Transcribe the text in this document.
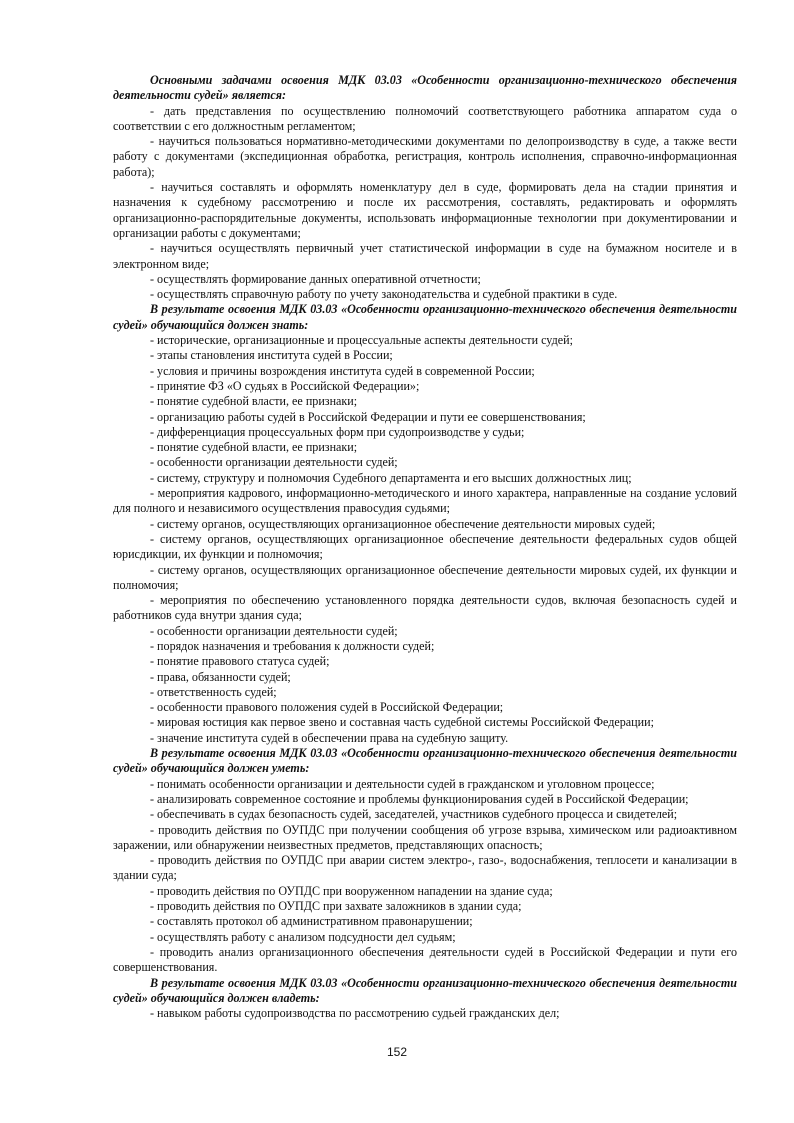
Основными задачами освоения МДК 03.03 «Особенности организационно-технического обеспечения деятельности судей» является:

- дать представления по осуществлению полномочий соответствующего работника аппаратом суда о соответствии с его должностным регламентом;

- научиться пользоваться нормативно-методическими документами по делопроизводству в суде, а также вести работу с документами (экспедиционная обработка, регистрация, контроль исполнения, справочно-информационная работа);

- научиться составлять и оформлять номенклатуру дел в суде, формировать дела на стадии принятия и назначения к судебному рассмотрению и после их рассмотрения, составлять, редактировать и оформлять организационно-распорядительные документы, использовать информационные технологии при документировании и организации работы с документами;

- научиться осуществлять первичный учет статистической информации в суде на бумажном носителе и в электронном виде;

- осуществлять формирование данных оперативной отчетности;

- осуществлять справочную работу по учету законодательства и судебной практики в суде.

В результате освоения МДК 03.03 «Особенности организационно-технического обеспечения деятельности судей» обучающийся должен знать:

- исторические, организационные и процессуальные аспекты деятельности судей;

- этапы становления института судей в России;

- условия и причины возрождения института судей в современной России;

- принятие ФЗ «О судьях в Российской Федерации»;

- понятие судебной власти, ее признаки;

- организацию работы судей в Российской Федерации и пути ее совершенствования;

- дифференциация процессуальных форм при судопроизводстве у судьи;

- понятие судебной власти, ее признаки;

- особенности организации деятельности судей;

- систему, структуру и полномочия Судебного департамента и его высших должностных лиц;

- мероприятия кадрового, информационно-методического и иного характера, направленные на создание условий для полного и независимого осуществления правосудия судьями;

- систему органов, осуществляющих организационное обеспечение деятельности мировых судей;

- систему органов, осуществляющих организационное обеспечение деятельности федеральных судов общей юрисдикции, их функции и полномочия;

- систему органов, осуществляющих организационное обеспечение деятельности мировых судей, их функции и полномочия;

- мероприятия по обеспечению установленного порядка деятельности судов, включая безопасность судей и работников суда внутри здания суда;

- особенности организации деятельности судей;

- порядок назначения и требования к должности судей;

- понятие правового статуса судей;

- права, обязанности судей;

- ответственность судей;

- особенности правового положения судей в Российской Федерации;

- мировая юстиция как первое звено и составная часть судебной системы Российской Федерации;

- значение института судей в обеспечении права на судебную защиту.

В результате освоения МДК 03.03 «Особенности организационно-технического обеспечения деятельности судей» обучающийся должен уметь:

- понимать особенности организации и деятельности судей в гражданском и уголовном процессе;

- анализировать современное состояние и проблемы функционирования судей в Российской Федерации;

- обеспечивать в судах безопасность судей, заседателей, участников судебного процесса и свидетелей;

- проводить действия по ОУПДС при получении сообщения об угрозе взрыва, химическом или радиоактивном заражении, или обнаружении неизвестных предметов, представляющих опасность;

- проводить действия по ОУПДС при аварии систем электро-, газо-, водоснабжения, теплосети и канализации в здании суда;

- проводить действия по ОУПДС при вооруженном нападении на здание суда;

- проводить действия по ОУПДС при захвате заложников в здании суда;

- составлять протокол об административном правонарушении;

- осуществлять работу с анализом подсудности дел судьям;

- проводить анализ организационного обеспечения деятельности судей в Российской Федерации и пути его совершенствования.

В результате освоения МДК 03.03 «Особенности организационно-технического обеспечения деятельности судей» обучающийся должен владеть:

- навыком работы судопроизводства по рассмотрению судьей гражданских дел;

152
